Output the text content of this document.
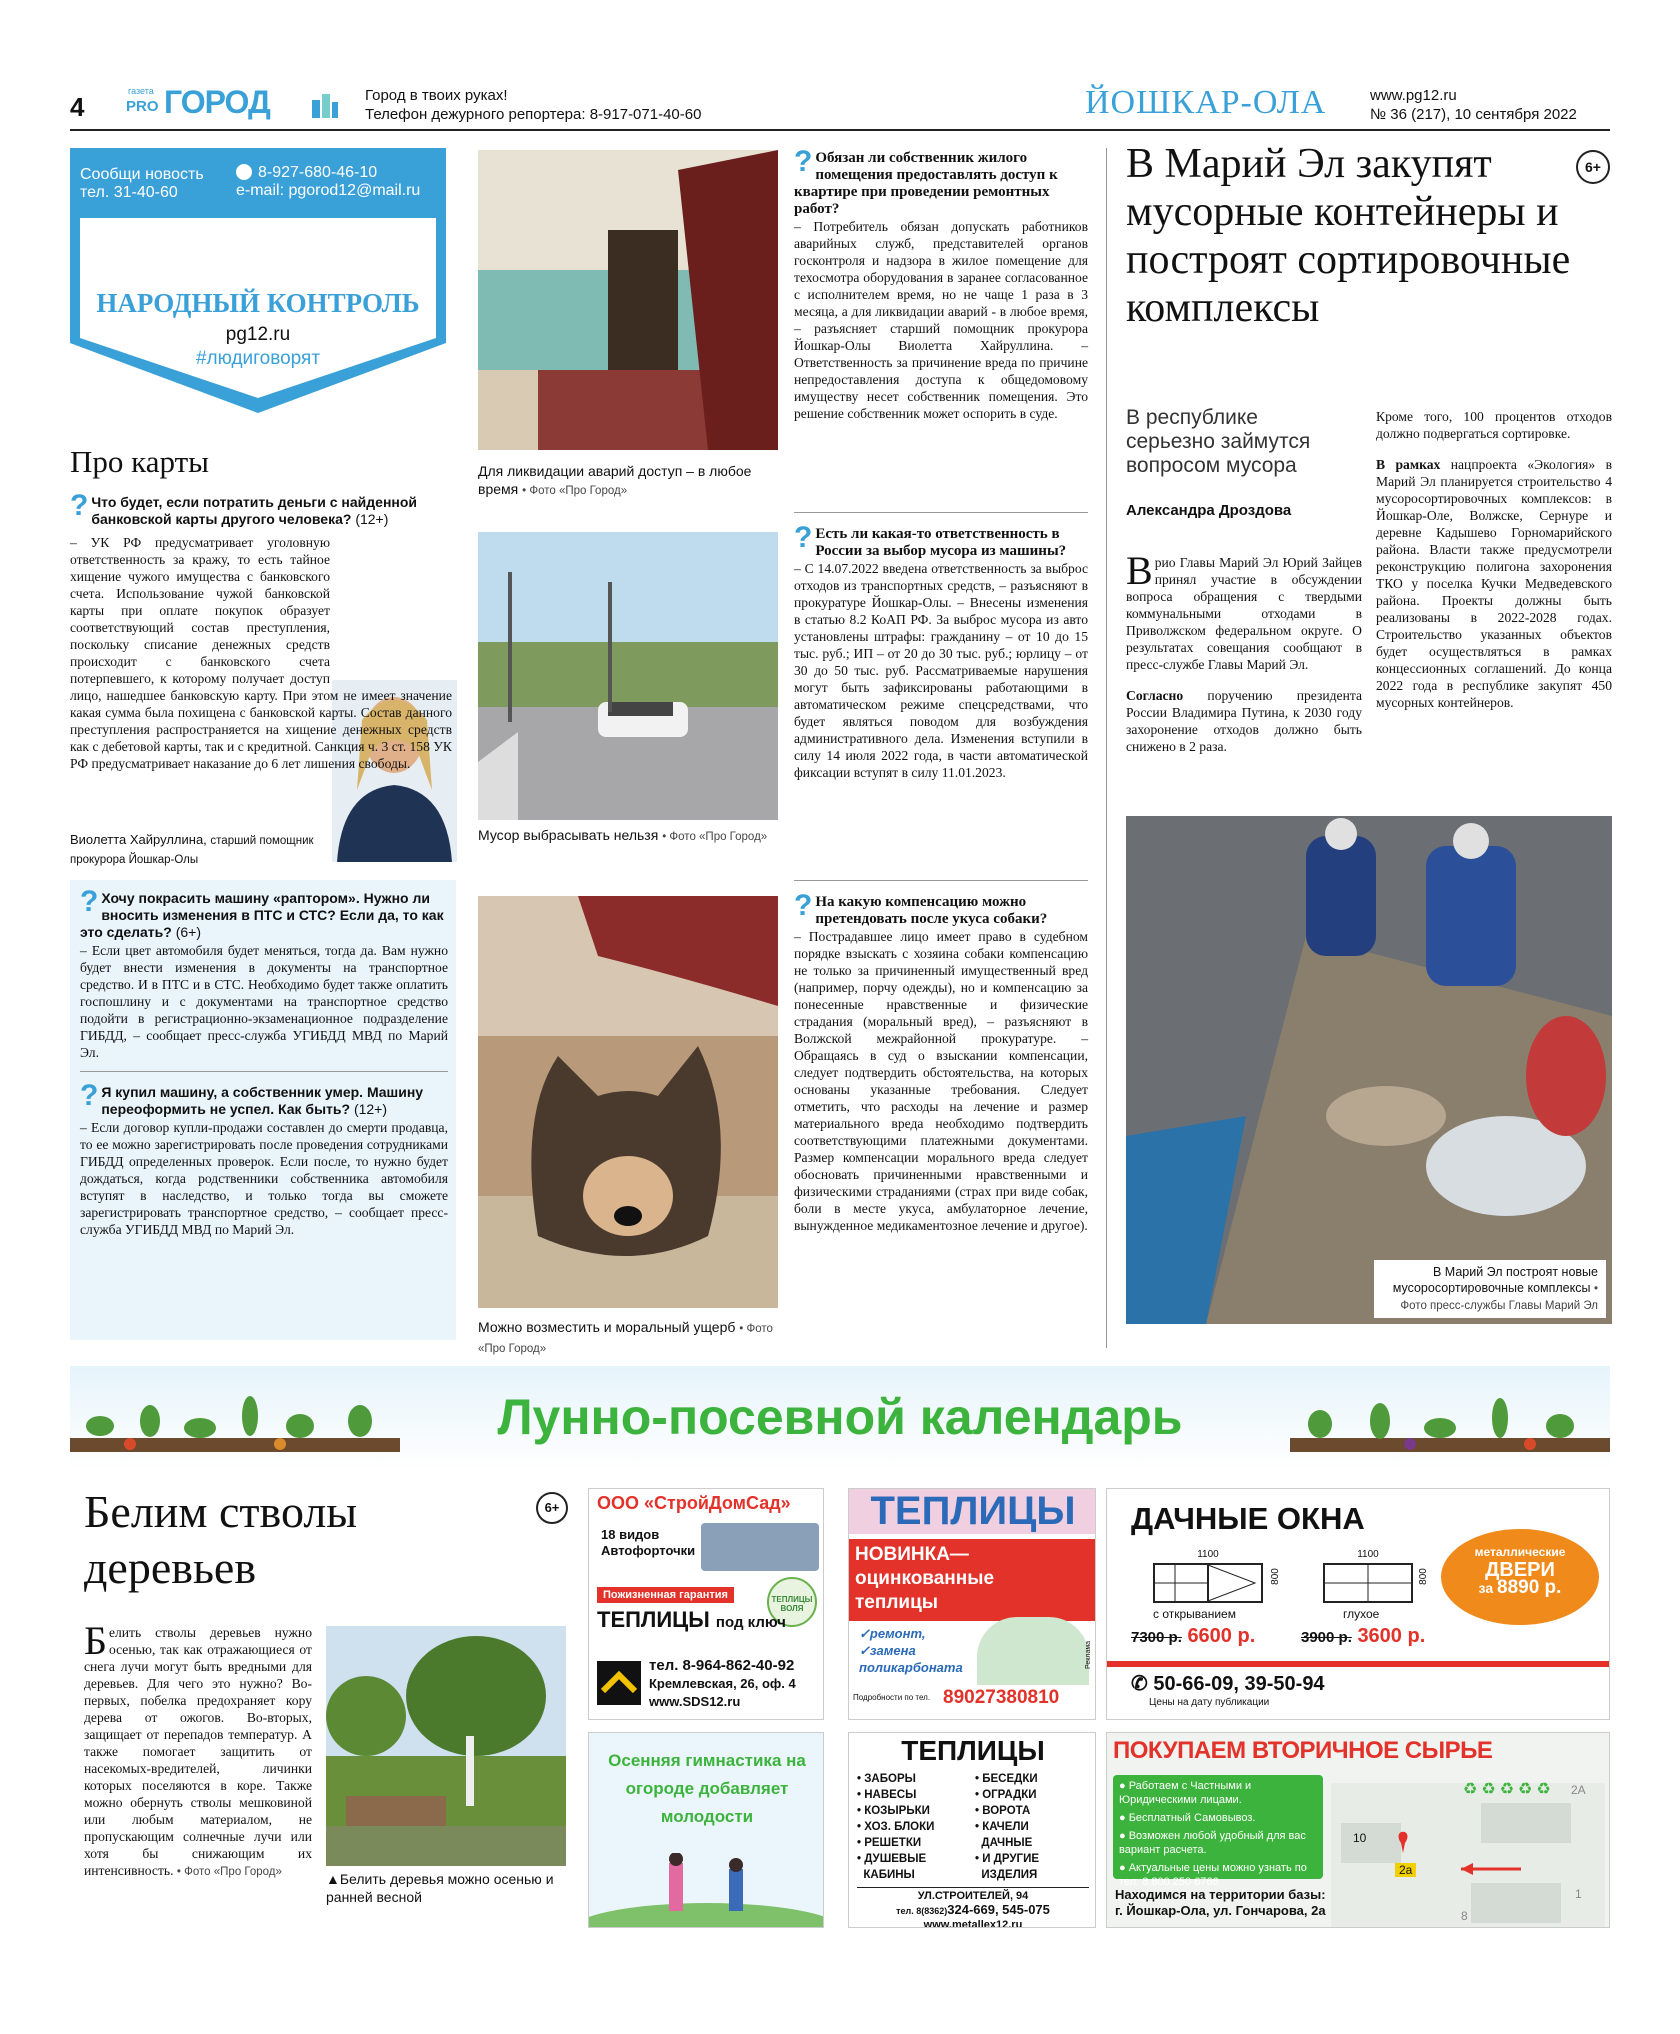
4
газета
PRO ГОРОД	Город в твоих руках!
Телефон дежурного репортера: 8-917-071-40-60	ЙОШКАР-ОЛА	www.pg12.ru
№ 36 (217), 10 сентября 2022
Сообщи новость
тел. 31-40-60
8-927-680-46-10
e-mail: pgorod12@mail.ru
НАРОДНЫЙ КОНТРОЛЬ
pg12.ru
#людиговорят
Про карты
? Что будет, если потратить деньги с найденной банковской карты другого человека? (12+)
– УК РФ предусматривает уголовную ответственность за кражу, то есть тайное хищение чужого имущества с банковского счета. Использование чужой банковской карты при оплате покупок образует соответствующий состав преступления, поскольку списание денежных средств происходит с банковского счета потерпевшего, к которому получает доступ лицо, нашедшее банковскую карту. При этом не имеет значение какая сумма была похищена с банковской карты. Состав данного преступления распространяется на хищение денежных средств как с дебетовой карты, так и с кредитной. Санкция ч. 3 ст. 158 УК РФ предусматривает наказание до 6 лет лишения свободы.
Виолетта Хайруллина, старший помощник прокурора Йошкар-Олы
? Хочу покрасить машину «раптором». Нужно ли вносить изменения в ПТС и СТС? Если да, то как это сделать? (6+)
– Если цвет автомобиля будет меняться, тогда да. Вам нужно будет внести изменения в документы на транспортное средство. И в ПТС и в СТС. Необходимо будет также оплатить госпошлину и с документами на транспортное средство подойти в регистрационно-экзаменационное подразделение ГИБДД, – сообщает пресс-служба УГИБДД МВД по Марий Эл.
? Я купил машину, а собственник умер. Машину переоформить не успел. Как быть? (12+)
– Если договор купли-продажи составлен до смерти продавца, то ее можно зарегистрировать после проведения сотрудниками ГИБДД определенных проверок. Если после, то нужно будет дождаться, когда родственники собственника автомобиля вступят в наследство, и только тогда вы сможете зарегистрировать транспортное средство, – сообщает пресс-служба УГИБДД МВД по Марий Эл.
Для ликвидации аварий доступ – в любое время • Фото «Про Город»
Мусор выбрасывать нельзя • Фото «Про Город»
Можно возместить и моральный ущерб • Фото «Про Город»
? Обязан ли собственник жилого помещения предоставлять доступ к квартире при проведении ремонтных работ?
– Потребитель обязан допускать работников аварийных служб, представителей органов госконтроля и надзора в жилое помещение для техосмотра оборудования в заранее согласованное с исполнителем время, но не чаще 1 раза в 3 месяца, а для ликвидации аварий - в любое время, – разъясняет старший помощник прокурора Йошкар-Олы Виолетта Хайруллина. – Ответственность за причинение вреда по причине непредоставления доступа к общедомовому имуществу несет собственник помещения. Это решение собственник может оспорить в суде.
? Есть ли какая-то ответственность в России за выбор мусора из машины?
– С 14.07.2022 введена ответственность за выброс отходов из транспортных средств, – разъясняют в прокуратуре Йошкар-Олы. – Внесены изменения в статью 8.2 КоАП РФ. За выброс мусора из авто установлены штрафы: гражданину – от 10 до 15 тыс. руб.; ИП – от 20 до 30 тыс. руб.; юрлицу – от 30 до 50 тыс. руб. Рассматриваемые нарушения могут быть зафиксированы работающими в автоматическом режиме спецсредствами, что будет являться поводом для возбуждения административного дела. Изменения вступили в силу 14 июля 2022 года, в части автоматической фиксации вступят в силу 11.01.2023.
? На какую компенсацию можно претендовать после укуса собаки?
– Пострадавшее лицо имеет право в судебном порядке взыскать с хозяина собаки компенсацию не только за причиненный имущественный вред (например, порчу одежды), но и компенсацию за понесенные нравственные и физические страдания (моральный вред), – разъясняют в Волжской межрайонной прокуратуре. – Обращаясь в суд о взыскании компенсации, следует подтвердить обстоятельства, на которых основаны указанные требования. Следует отметить, что расходы на лечение и размер материального вреда необходимо подтвердить соответствующими платежными документами. Размер компенсации морального вреда следует обосновать причиненными нравственными и физическими страданиями (страх при виде собак, боли в месте укуса, амбулаторное лечение, вынужденное медикаментозное лечение и другое).
В Марий Эл закупят мусорные контейнеры и построят сортировочные комплексы
6+
В республике серьезно займутся вопросом мусора
Александра Дроздова
Врио Главы Марий Эл Юрий Зайцев принял участие в обсуждении вопроса обращения с твердыми коммунальными отходами в Приволжском федеральном округе. О результатах совещания сообщают в пресс-службе Главы Марий Эл.
Согласно поручению президента России Владимира Путина, к 2030 году захоронение отходов должно быть снижено в 2 раза.
Кроме того, 100 процентов отходов должно подвергаться сортировке.
В рамках нацпроекта «Экология» в Марий Эл планируется строительство 4 мусоросортировочных комплексов: в Йошкар-Оле, Волжске, Сернуре и деревне Кадышево Горномарийского района. Власти также предусмотрели реконструкцию полигона захоронения ТКО у поселка Кучки Медведевского района. Проекты должны быть реализованы в 2022-2028 годах. Строительство указанных объектов будет осуществляться в рамках концессионных соглашений. До конца 2022 года в республике закупят 450 мусорных контейнеров.
В Марий Эл построят новые мусоросортировочные комплексы • Фото пресс-службы Главы Марий Эл
Лунно-посевной календарь
Белим стволы деревьев
6+
Белить стволы деревьев нужно осенью, так как отражающиеся от снега лучи могут быть вредными для деревьев. Для чего это нужно? Во-первых, побелка предохраняет кору дерева от ожогов. Во-вторых, защищает от перепадов температур. А также помогает защитить от насекомых-вредителей, личинки которых поселяются в коре. Также можно обернуть стволы мешковиной или любым материалом, не пропускающим солнечные лучи или хотя бы снижающим их интенсивность. • Фото «Про Город»	▲Белить деревья можно осенью и ранней весной
ООО «СтройДомСад»
18 видов
Автофорточки
Пожизненная гарантия	ТЕПЛИЦЫ ВОЛЯ
ТЕПЛИЦЫ под ключ
тел. 8-964-862-40-92
Кремлевская, 26, оф. 4
www.SDS12.ru
ТЕПЛИЦЫ
НОВИНКА—
оцинкованные
теплицы
✓ремонт,
✓замена
поликарбоната
Подробности по тел. 89027380810
Реклама
ДАЧНЫЕ ОКНА
1100
800
1100
800
с открыванием	глухое
7300 р. 6600 р.	3900 р. 3600 р.
металлические
ДВЕРИ
за 8890 р.
✆ 50-66-09, 39-50-94
Цены на дату публикации
Осенняя гимнастика на огороде добавляет молодости
ТЕПЛИЦЫ
• ЗАБОРЫ
• НАВЕСЫ
• КОЗЫРЬКИ
• ХОЗ. БЛОКИ
• РЕШЕТКИ
• ДУШЕВЫЕ
КАБИНЫ
• БЕСЕДКИ
• ОГРАДКИ
• ВОРОТА
• КАЧЕЛИ
ДАЧНЫЕ
• И ДРУГИЕ
ИЗДЕЛИЯ
УЛ.СТРОИТЕЛЕЙ, 94
тел. 8(8362)324-669, 545-075
www.metallex12.ru
ПОКУПАЕМ ВТОРИЧНОЕ СЫРЬЕ
● Работаем с Частными и Юридическими лицами.
● Бесплатный Самовывоз.
● Возможен любой удобный для вас вариант расчета.
● Актуальные цены можно узнать по тел. 8 800 250 6766
10
2а
2А
1
8
Находимся на территории базы:
г. Йошкар-Ола, ул. Гончарова, 2а
♻ ♻ ♻ ♻ ♻
